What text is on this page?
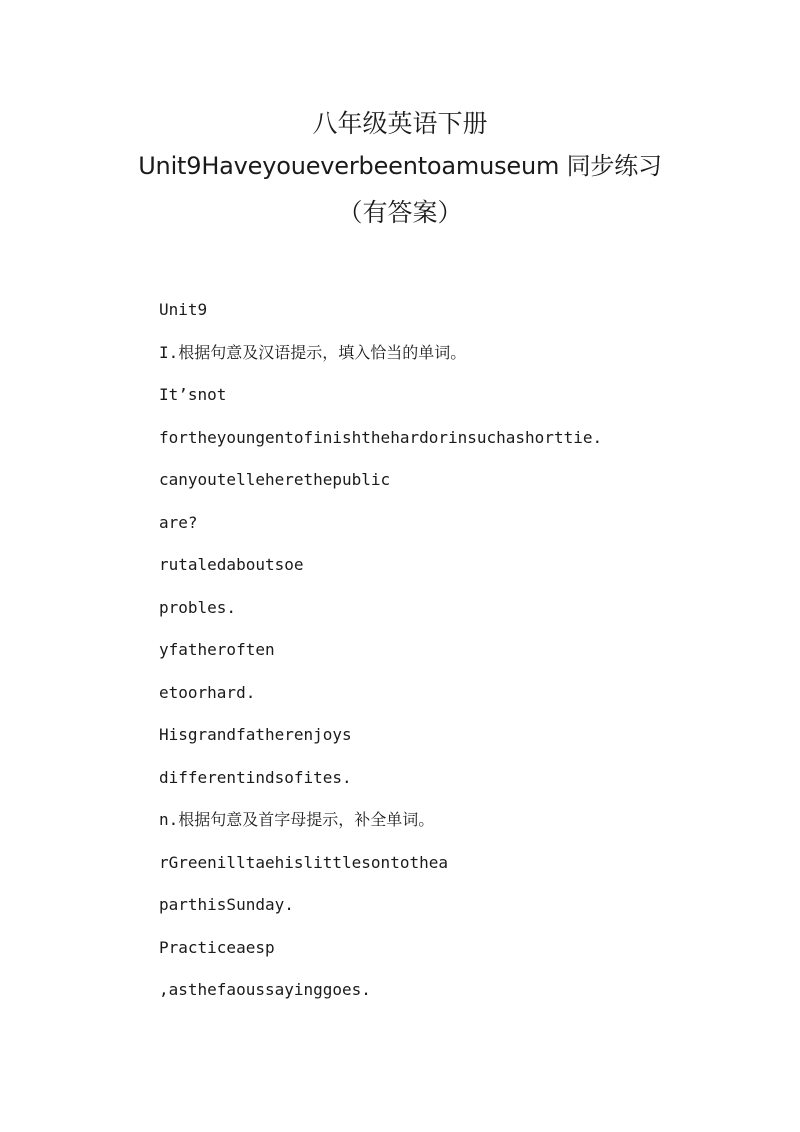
八年级英语下册
Unit9Haveyoueverbeentoamuseum 同步练习
（有答案）
Unit9
I.根据句意及汉语提示，填入恰当的单词。
It’snot
fortheyoungentofinishthehardorinsuchashorttie.
canyoutelleherethepublic
are?
rutaledaboutsoe
probles.
yfatheroften
etoorhard.
Hisgrandfatherenjoys
differentindsofites.
n.根据句意及首字母提示，补全单词。
rGreenilltaehislittlesontothea
parthisSunday.
Practiceaesp
,asthefaoussayinggoes.
